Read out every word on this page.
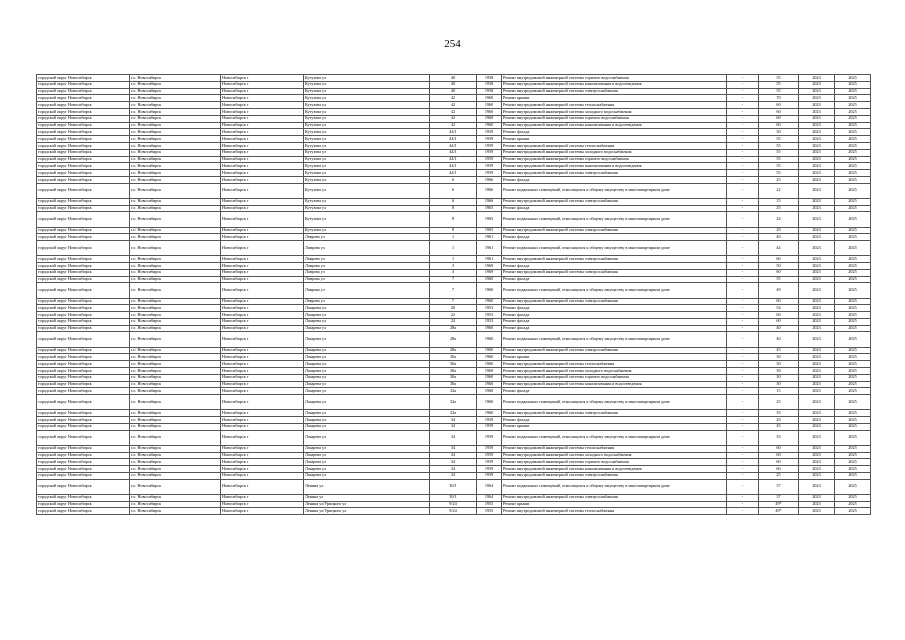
254
городской округ Новосибирск	г.о. Новосибирск	Новосибирск г	Кутузова ул	40	1958	Ремонт внутридомовой инженерной системы горячего водоснабжения	-	55	2023	2025
городской округ Новосибирск	г.о. Новосибирск	Новосибирск г	Кутузова ул	40	1958	Ремонт внутридомовой инженерной системы канализования и водоотведения	-	55	2023	2025
городской округ Новосибирск	г.о. Новосибирск	Новосибирск г	Кутузова ул	40	1958	Ремонт внутридомовой инженерной системы электроснабжения	-	55	2023	2025
городской округ Новосибирск	г.о. Новосибирск	Новосибирск г	Кутузова ул	42	1960	Ремонт крыши	-	70	2023	2025
городской округ Новосибирск	г.о. Новосибирск	Новосибирск г	Кутузова ул	42	1960	Ремонт внутридомовой инженерной системы теплоснабжения	-	60	2023	2025
городской округ Новосибирск	г.о. Новосибирск	Новосибирск г	Кутузова ул	42	1960	Ремонт внутридомовой инженерной системы холодного водоснабжения	-	60	2023	2025
городской округ Новосибирск	г.о. Новосибирск	Новосибирск г	Кутузова ул	42	1960	Ремонт внутридомовой инженерной системы горячего водоснабжения	-	60	2023	2025
городской округ Новосибирск	г.о. Новосибирск	Новосибирск г	Кутузова ул	42	1960	Ремонт внутридомовой инженерной системы канализования и водоотведения	-	60	2023	2025
городской округ Новосибирск	г.о. Новосибирск	Новосибирск г	Кутузова ул	44/1	1959	Ремонт фасада	-	30	2023	2025
городской округ Новосибирск	г.о. Новосибирск	Новосибирск г	Кутузова ул	44/1	1959	Ремонт крыши	-	55	2023	2025
городской округ Новосибирск	г.о. Новосибирск	Новосибирск г	Кутузова ул	44/1	1959	Ремонт внутридомовой инженерной системы теплоснабжения	-	55	2023	2025
городской округ Новосибирск	г.о. Новосибирск	Новосибирск г	Кутузова ул	44/1	1959	Ремонт внутридомовой инженерной системы холодного водоснабжения	-	55	2023	2025
городской округ Новосибирск	г.о. Новосибирск	Новосибирск г	Кутузова ул	44/1	1959	Ремонт внутридомовой инженерной системы горячего водоснабжения	-	55	2023	2025
городской округ Новосибирск	г.о. Новосибирск	Новосибирск г	Кутузова ул	44/1	1959	Ремонт внутридомовой инженерной системы канализования и водоотведения	-	55	2023	2025
городской округ Новосибирск	г.о. Новосибирск	Новосибирск г	Кутузова ул	44/1	1959	Ремонт внутридомовой инженерной системы электроснабжения	-	55	2023	2025
городской округ Новосибирск	г.о. Новосибирск	Новосибирск г	Кутузова ул	6	1966	Ремонт фасада	-	25	2023	2025
городской округ Новосибирск	г.о. Новосибирск	Новосибирск г	Кутузова ул	6	1966	Ремонт подвальных помещений, относящихся к общему имуществу в многоквартирном доме	-	22	2023	2025
городской округ Новосибирск	г.о. Новосибирск	Новосибирск г	Кутузова ул	6	1966	Ремонт внутридомовой инженерной системы электроснабжения	-	15	2023	2025
городской округ Новосибирск	г.о. Новосибирск	Новосибирск г	Кутузова ул	8	1965	Ремонт фасада	-	25	2023	2025
городской округ Новосибирск	г.о. Новосибирск	Новосибирск г	Кутузова ул	8	1965	Ремонт подвальных помещений, относящихся к общему имуществу в многоквартирном доме	-	24	2023	2025
городской округ Новосибирск	г.о. Новосибирск	Новосибирск г	Кутузова ул	8	1965	Ремонт внутридомовой инженерной системы электроснабжения	-	20	2023	2025
городской округ Новосибирск	г.о. Новосибирск	Новосибирск г	Лаврова ул	1	1961	Ремонт фасада	-	40	2023	2025
городской округ Новосибирск	г.о. Новосибирск	Новосибирск г	Лаврова ул	1	1961	Ремонт подвальных помещений, относящихся к общему имуществу в многоквартирном доме	-	44	2023	2025
городской округ Новосибирск	г.о. Новосибирск	Новосибирск г	Лаврова ул	1	1961	Ремонт внутридомовой инженерной системы электроснабжения	-	60	2023	2025
городской округ Новосибирск	г.о. Новосибирск	Новосибирск г	Лаврова ул	3	1969	Ремонт фасада	-	50	2023	2025
городской округ Новосибирск	г.о. Новосибирск	Новосибирск г	Лаврова ул	3	1969	Ремонт внутридомовой инженерной системы электроснабжения	-	60	2023	2025
городской округ Новосибирск	г.о. Новосибирск	Новосибирск г	Лаврова ул	7	1960	Ремонт фасада	-	55	2023	2025
городской округ Новосибирск	г.о. Новосибирск	Новосибирск г	Лаврова ул	7	1960	Ремонт подвальных помещений, относящихся к общему имуществу в многоквартирном доме	-	49	2023	2025
городской округ Новосибирск	г.о. Новосибирск	Новосибирск г	Лаврова ул	7	1960	Ремонт внутридомовой инженерной системы электроснабжения	-	60	2023	2025
городской округ Новосибирск	г.о. Новосибирск	Новосибирск г	Лазарева ул	20	1953	Ремонт фасада	-	54	2023	2025
городской округ Новосибирск	г.о. Новосибирск	Новосибирск г	Лазарева ул	22	1953	Ремонт фасада	-	60	2023	2025
городской округ Новосибирск	г.о. Новосибирск	Новосибирск г	Лазарева ул	24	1953	Ремонт фасада	-	60	2023	2025
городской округ Новосибирск	г.о. Новосибирск	Новосибирск г	Лазарева ул	28а	1960	Ремонт фасада	-	40	2023	2025
городской округ Новосибирск	г.о. Новосибирск	Новосибирск г	Лазарева ул	28а	1960	Ремонт подвальных помещений, относящихся к общему имуществу в многоквартирном доме	-	40	2023	2025
городской округ Новосибирск	г.о. Новосибирск	Новосибирск г	Лазарева ул	28а	1960	Ремонт внутридомовой инженерной системы электроснабжения	-	45	2023	2025
городской округ Новосибирск	г.о. Новосибирск	Новосибирск г	Лазарева ул	30а	1960	Ремонт крыши	-	30	2023	2025
городской округ Новосибирск	г.о. Новосибирск	Новосибирск г	Лазарева ул	30а	1960	Ремонт внутридомовой инженерной системы теплоснабжения	-	30	2023	2025
городской округ Новосибирск	г.о. Новосибирск	Новосибирск г	Лазарева ул	30а	1960	Ремонт внутридомовой инженерной системы холодного водоснабжения	-	30	2023	2025
городской округ Новосибирск	г.о. Новосибирск	Новосибирск г	Лазарева ул	30а	1960	Ремонт внутридомовой инженерной системы горячего водоснабжения	-	30	2023	2025
городской округ Новосибирск	г.о. Новосибирск	Новосибирск г	Лазарева ул	30а	1960	Ремонт внутридомовой инженерной системы канализования и водоотведения	-	30	2023	2025
городской округ Новосибирск	г.о. Новосибирск	Новосибирск г	Лазарева ул	32а	1960	Ремонт фасада	-	15	2023	2025
городской округ Новосибирск	г.о. Новосибирск	Новосибирск г	Лазарева ул	32а	1960	Ремонт подвальных помещений, относящихся к общему имуществу в многоквартирном доме	-	25	2023	2025
городской округ Новосибирск	г.о. Новосибирск	Новосибирск г	Лазарева ул	32а	1960	Ремонт внутридомовой инженерной системы электроснабжения	-	35	2023	2025
городской округ Новосибирск	г.о. Новосибирск	Новосибирск г	Лазарева ул	34	1959	Ремонт фасада	-	20	2023	2025
городской округ Новосибирск	г.о. Новосибирск	Новосибирск г	Лазарева ул	34	1959	Ремонт крыши	-	45	2023	2025
городской округ Новосибирск	г.о. Новосибирск	Новосибирск г	Лазарева ул	34	1959	Ремонт подвальных помещений, относящихся к общему имуществу в многоквартирном доме	-	33	2023	2025
городской округ Новосибирск	г.о. Новосибирск	Новосибирск г	Лазарева ул	34	1959	Ремонт внутридомовой инженерной системы теплоснабжения	-	60	2023	2025
городской округ Новосибирск	г.о. Новосибирск	Новосибирск г	Лазарева ул	34	1959	Ремонт внутридомовой инженерной системы холодного водоснабжения	-	60	2023	2025
городской округ Новосибирск	г.о. Новосибирск	Новосибирск г	Лазарева ул	34	1959	Ремонт внутридомовой инженерной системы горячего водоснабжения	-	60	2023	2025
городской округ Новосибирск	г.о. Новосибирск	Новосибирск г	Лазарева ул	34	1959	Ремонт внутридомовой инженерной системы канализования и водоотведения	-	60	2023	2025
городской округ Новосибирск	г.о. Новосибирск	Новосибирск г	Лазарева ул	34	1959	Ремонт внутридомовой инженерной системы электроснабжения	-	25	2023	2025
городской округ Новосибирск	г.о. Новосибирск	Новосибирск г	Ленина ул	30/1	1964	Ремонт подвальных помещений, относящихся к общему имуществу в многоквартирном доме	-	37	2023	2025
городской округ Новосибирск	г.о. Новосибирск	Новосибирск г	Ленина ул	30/1	1964	Ремонт внутридомовой инженерной системы электроснабжения	-	37	2023	2025
городской округ Новосибирск	г.о. Новосибирск	Новосибирск г	Ленина ул/Урицкого ул	9/24	1955	Ремонт крыши	-	49*	2023	2025
городской округ Новосибирск	г.о. Новосибирск	Новосибирск г	Ленина ул/Урицкого ул	9/24	1955	Ремонт внутридомовой инженерной системы теплоснабжения	-	49*	2023	2025
